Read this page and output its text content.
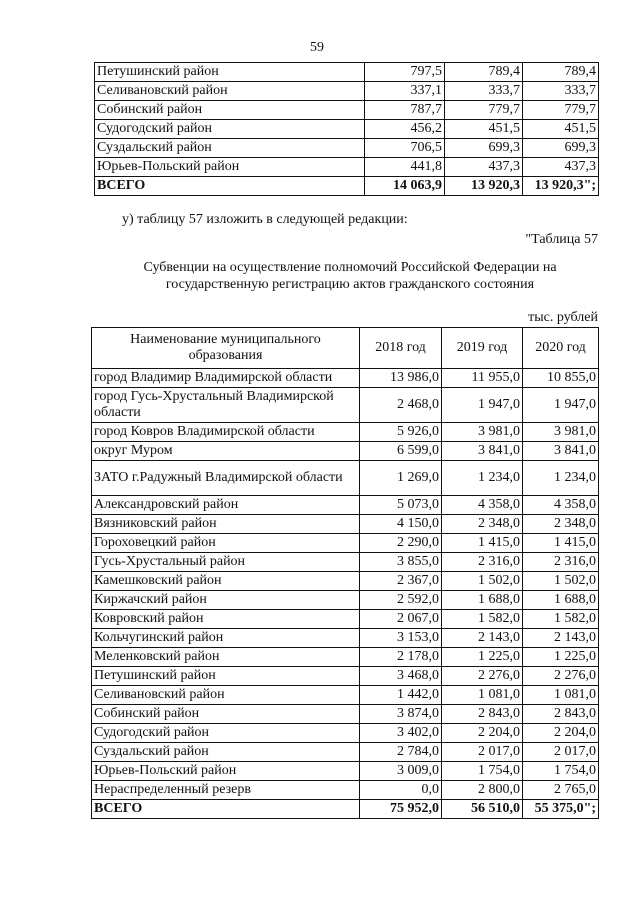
59
Петушинский район	797,5	789,4	789,4
Селивановский район	337,1	333,7	333,7
Собинский район	787,7	779,7	779,7
Судогодский район	456,2	451,5	451,5
Суздальский район	706,5	699,3	699,3
Юрьев-Польский район	441,8	437,3	437,3
ВСЕГО	14 063,9	13 920,3	13 920,3";
у) таблицу 57 изложить в следующей редакции:
"Таблица 57
Субвенции на осуществление полномочий Российской Федерации на
государственную регистрацию актов гражданского состояния
тыс. рублей
Наименование муниципального образования	2018 год	2019 год	2020 год
город Владимир Владимирской области	13 986,0	11 955,0	10 855,0
город Гусь-Хрустальный Владимирской области	2 468,0	1 947,0	1 947,0
город Ковров Владимирской области	5 926,0	3 981,0	3 981,0
округ Муром	6 599,0	3 841,0	3 841,0
ЗАТО г.Радужный Владимирской области	1 269,0	1 234,0	1 234,0
Александровский район	5 073,0	4 358,0	4 358,0
Вязниковский район	4 150,0	2 348,0	2 348,0
Гороховецкий район	2 290,0	1 415,0	1 415,0
Гусь-Хрустальный район	3 855,0	2 316,0	2 316,0
Камешковский район	2 367,0	1 502,0	1 502,0
Киржачский район	2 592,0	1 688,0	1 688,0
Ковровский район	2 067,0	1 582,0	1 582,0
Кольчугинский район	3 153,0	2 143,0	2 143,0
Меленковский район	2 178,0	1 225,0	1 225,0
Петушинский район	3 468,0	2 276,0	2 276,0
Селивановский район	1 442,0	1 081,0	1 081,0
Собинский район	3 874,0	2 843,0	2 843,0
Судогодский район	3 402,0	2 204,0	2 204,0
Суздальский район	2 784,0	2 017,0	2 017,0
Юрьев-Польский район	3 009,0	1 754,0	1 754,0
Нераспределенный резерв	0,0	2 800,0	2 765,0
ВСЕГО	75 952,0	56 510,0	55 375,0";
